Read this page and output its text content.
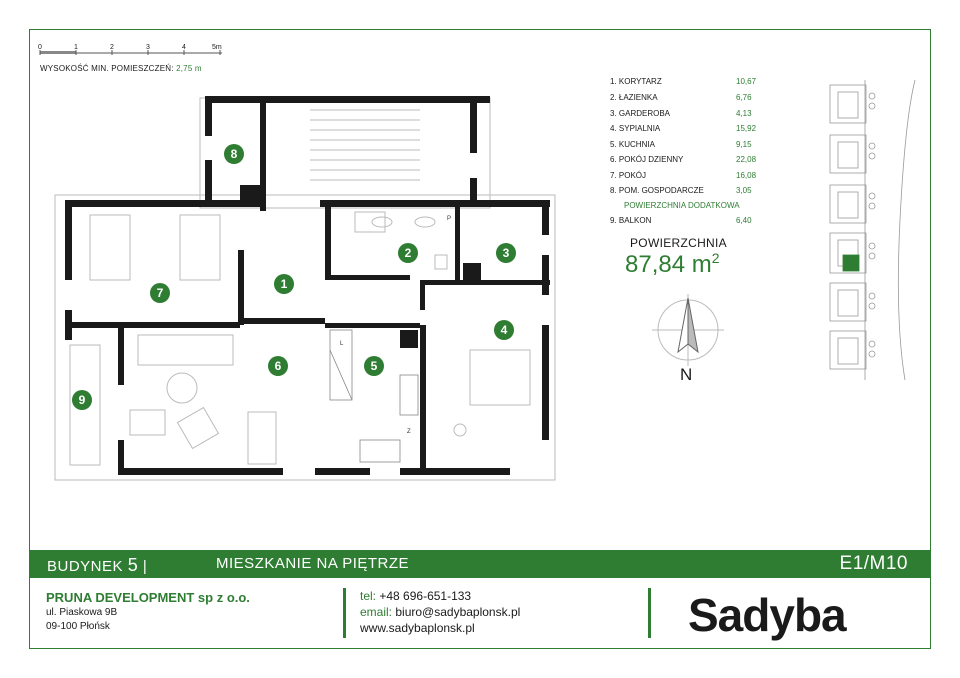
0	1	2	3	4	5m
WYSOKOŚĆ MIN. POMIESZCZEŃ: 2,75 m
1
2	3
4
5
6
7
8
9
P
L
Z
1. KORYTARZ	10,67
2. ŁAZIENKA	6,76
3. GARDEROBA	4,13
4. SYPIALNIA	15,92
5. KUCHNIA	9,15
6. POKÓJ DZIENNY	22,08
7. POKÓJ	16,08
8. POM. GOSPODARCZE	3,05
POWIERZCHNIA DODATKOWA
9. BALKON	6,40
POWIERZCHNIA
87,84 $m^2$
N
BUDYNEK 5 |	MIESZKANIE NA PIĘTRZE	E1/M10
PRUNA DEVELOPMENT sp z o.o.
ul. Piaskowa 9B
09-100 Płońsk
tel: +48 696-651-133
email: biuro@sadybaplonsk.pl
www.sadybaplonsk.pl	Sadyba
